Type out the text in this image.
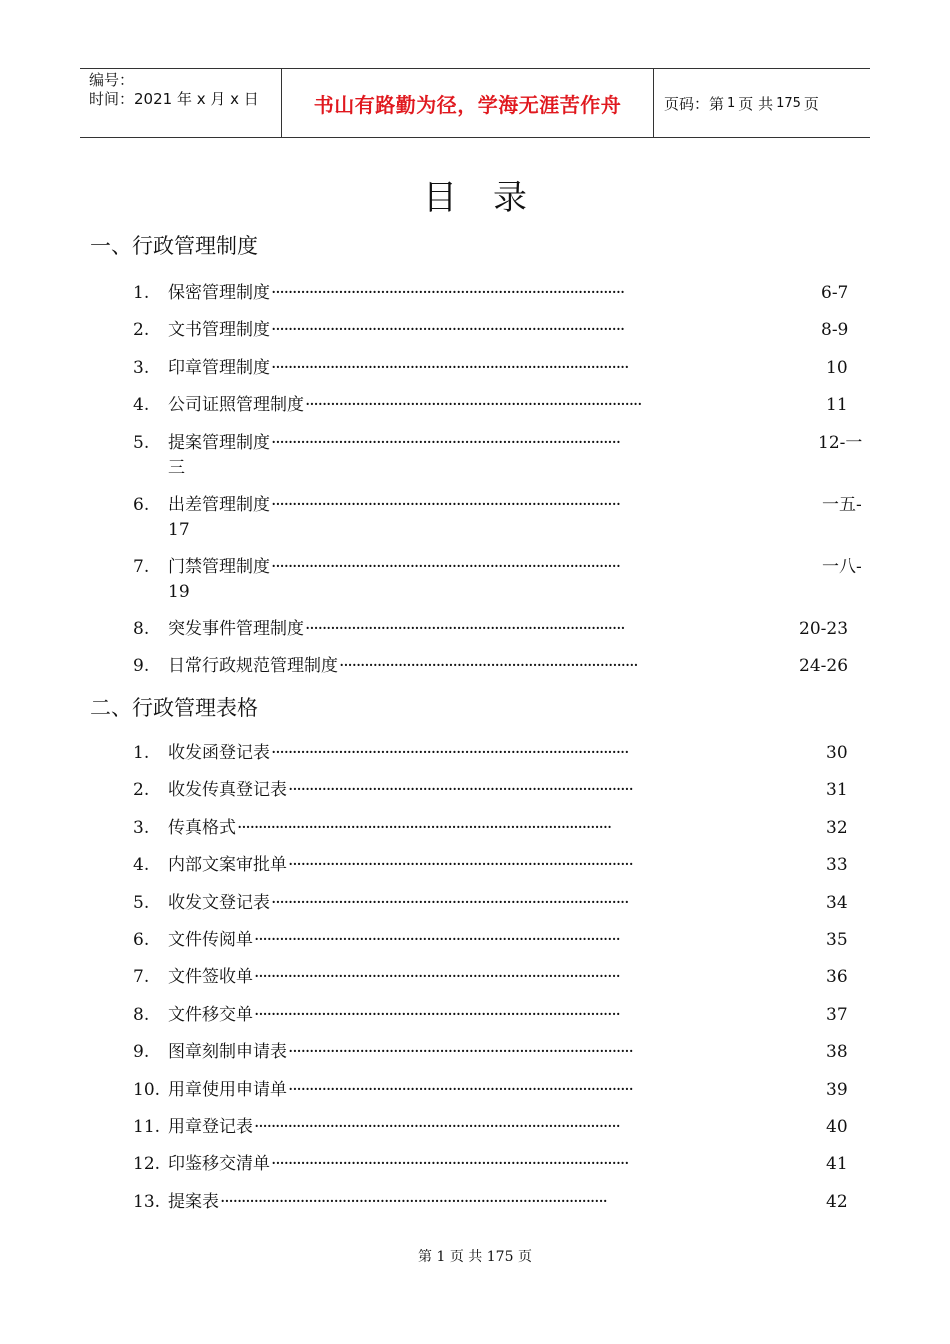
编号：
时间：2021 年 x 月 x 日	书山有路勤为径，学海无涯苦作舟	页码：第 1 页 共 175 页
目录
一、行政管理制度
1. 保密管理制度 ····················································································	6-7
2. 文书管理制度 ····················································································	8-9
3. 印章管理制度 ·····················································································	10
4. 公司证照管理制度 ················································································	11
5. 提案管理制度 ···················································································	12-一
三
6. 出差管理制度 ···················································································	一五-
17
7. 门禁管理制度 ···················································································	一八-
19
8. 突发事件管理制度 ············································································	20-23
9. 日常行政规范管理制度 ·······································································	24-26
二、行政管理表格
1. 收发函登记表 ·····················································································	30
2. 收发传真登记表 ··················································································	31
3. 传真格式 ·························································································	32
4. 内部文案审批单 ··················································································	33
5. 收发文登记表 ·····················································································	34
6. 文件传阅单 ·······················································································	35
7. 文件签收单 ·······················································································	36
8. 文件移交单 ·······················································································	37
9. 图章刻制申请表 ··················································································	38
10. 用章使用申请单 ··················································································	39
11. 用章登记表 ·······················································································	40
12. 印鉴移交清单 ·····················································································	41
13. 提案表 ····························································································	42
第 1 页 共 175 页
